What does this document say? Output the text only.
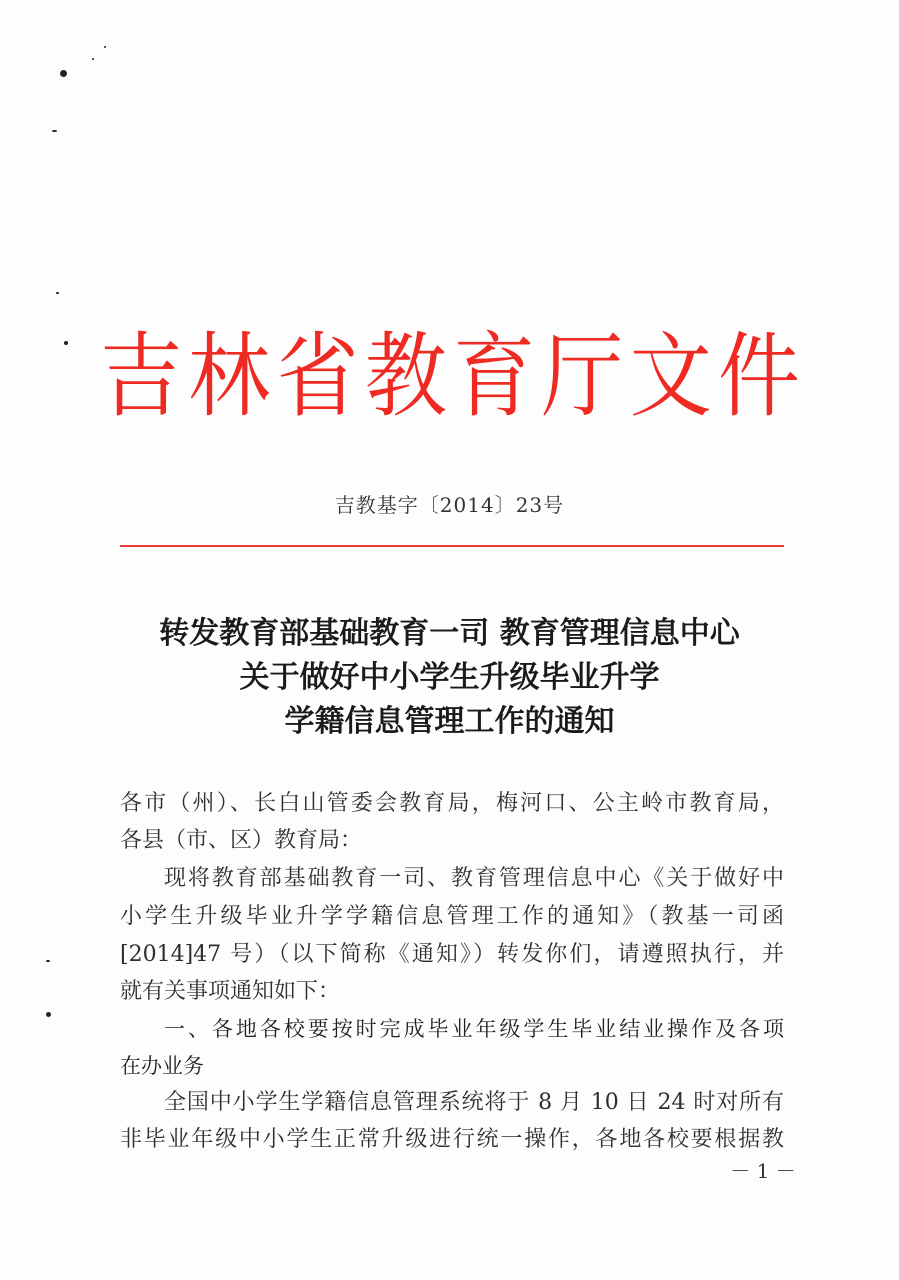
吉 林 省 教 育 厅 文 件
吉教基字〔2014〕23号
转发教育部基础教育一司 教育管理信息中心
关于做好中小学生升级毕业升学
学籍信息管理工作的通知
各市（州）、长白山管委会教育局，梅河口、公主岭市教育局，
各县（市、区）教育局：
现将教育部基础教育一司、教育管理信息中心《关于做好中
小学生升级毕业升学学籍信息管理工作的通知》（教基一司函
[2014]47 号）（以下简称《通知》）转发你们，请遵照执行，并
就有关事项通知如下：
一、各地各校要按时完成毕业年级学生毕业结业操作及各项
在办业务
全国中小学生学籍信息管理系统将于 8 月 10 日 24 时对所有
非毕业年级中小学生正常升级进行统一操作，各地各校要根据教
－ 1 －
